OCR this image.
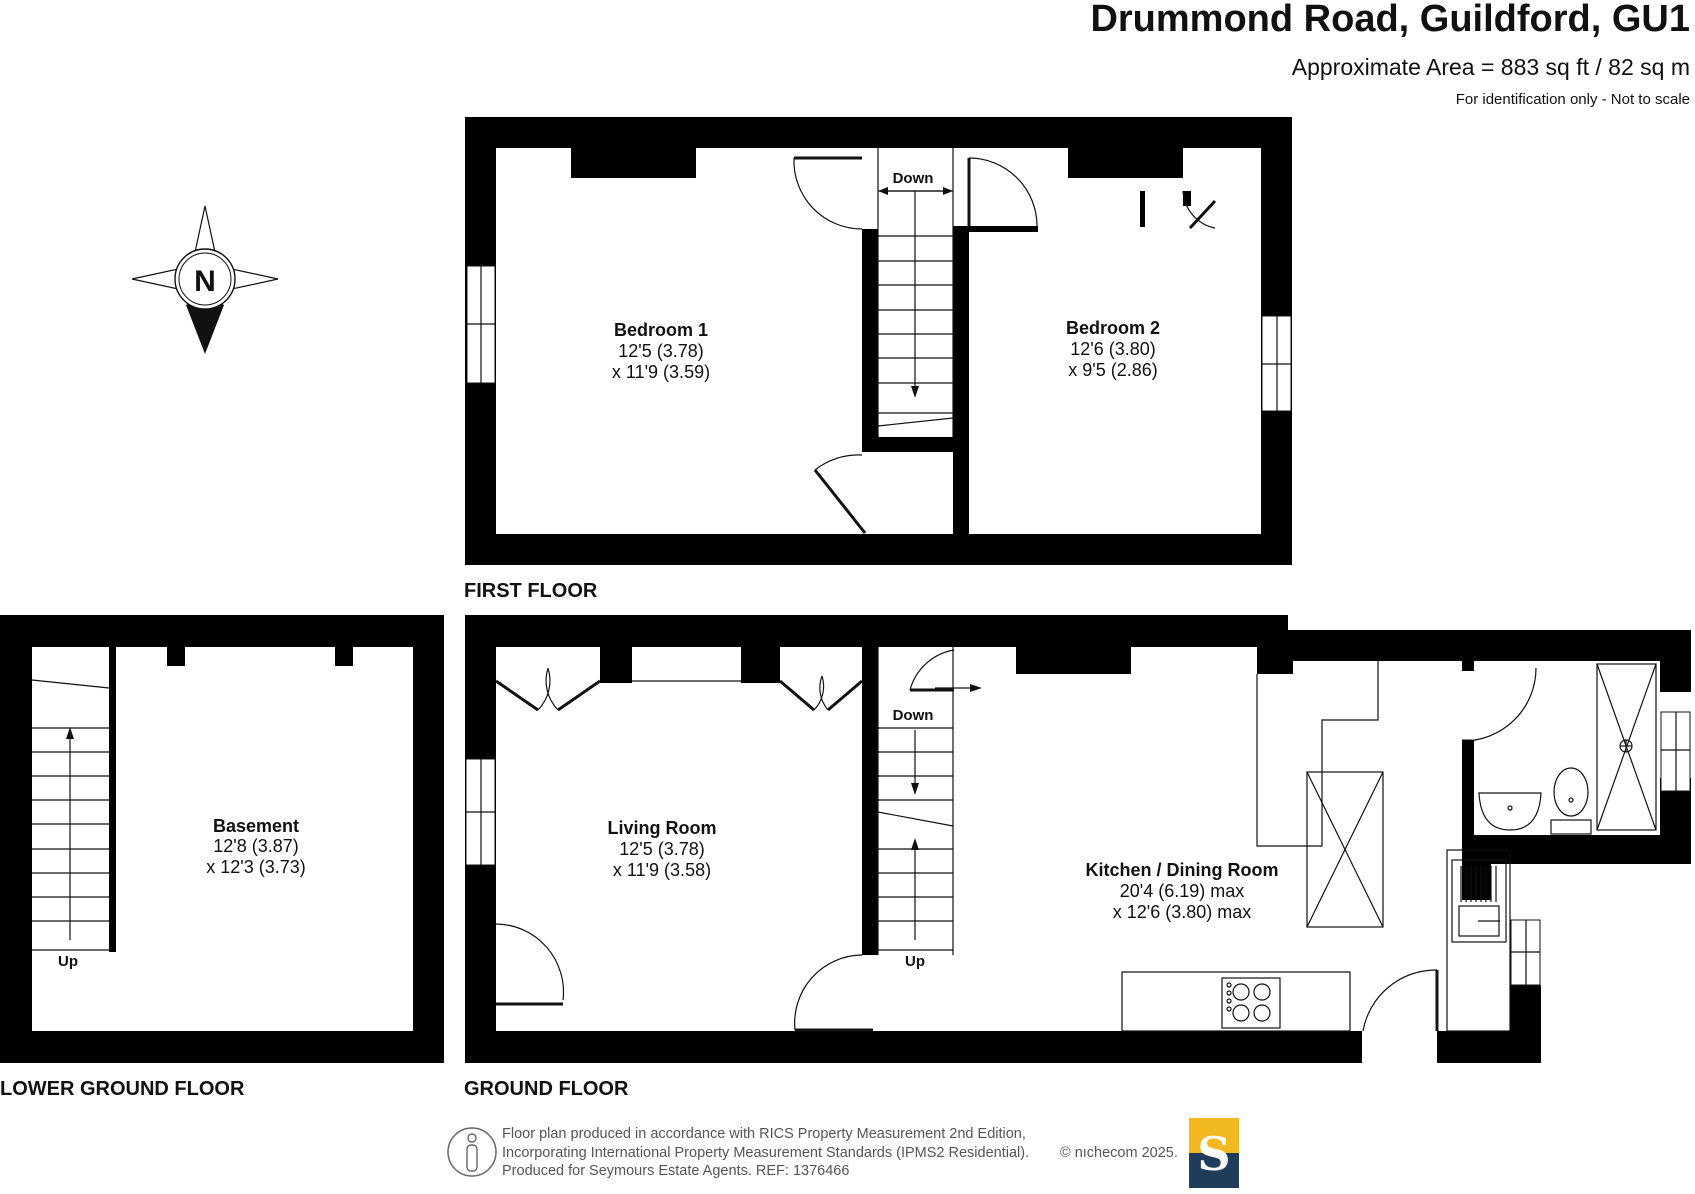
Drummond Road, Guildford, GU1
Approximate Area = 883 sq ft / 82 sq m
For identification only - Not to scale
N
Down
Bedroom 1
12'5 (3.78)
x 11'9 (3.59)
Bedroom 2
12'6 (3.80)
x 9'5 (2.86)
FIRST FLOOR
Up
Basement
12'8 (3.87)
x 12'3 (3.73)
LOWER GROUND FLOOR
Down
Up
Living Room
12'5 (3.78)
x 11'9 (3.58)	Kitchen / Dining Room
20'4 (6.19) max
x 12'6 (3.80) max
GROUND FLOOR
Floor plan produced in accordance with RICS Property Measurement 2nd Edition,
Incorporating International Property Measurement Standards (IPMS2 Residential).
Produced for Seymours Estate Agents. REF: 1376466
© nıchecom 2025. S
